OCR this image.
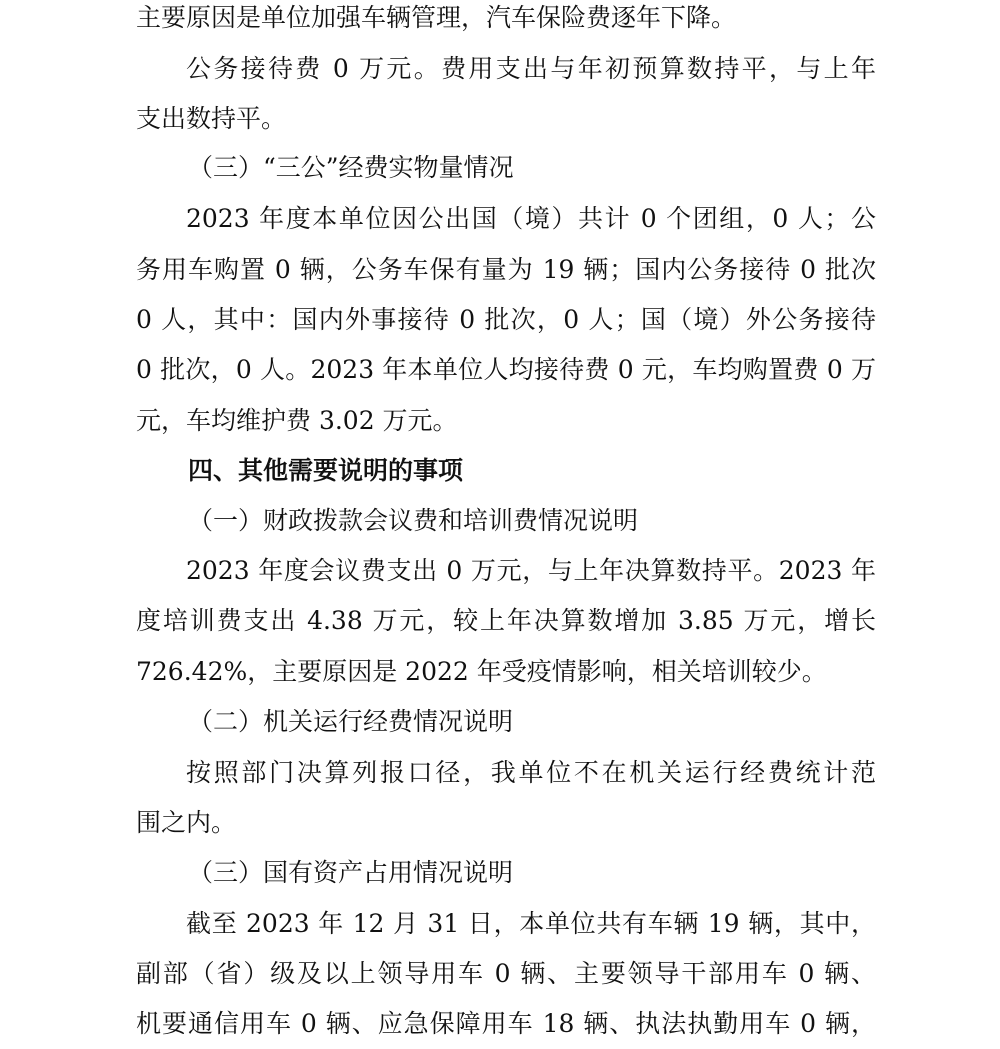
主要原因是单位加强车辆管理，汽车保险费逐年下降。
公务接待费 0 万元。费用支出与年初预算数持平，与上年
支出数持平。
（三）“三公”经费实物量情况
2023 年度本单位因公出国（境）共计 0 个团组，0 人；公
务用车购置 0 辆，公务车保有量为 19 辆；国内公务接待 0 批次
0 人，其中：国内外事接待 0 批次，0 人；国（境）外公务接待
0 批次，0 人。2023 年本单位人均接待费 0 元，车均购置费 0 万
元，车均维护费 3.02 万元。
四、其他需要说明的事项
（一）财政拨款会议费和培训费情况说明
2023 年度会议费支出 0 万元，与上年决算数持平。2023 年
度培训费支出 4.38 万元，较上年决算数增加 3.85 万元，增长
726.42%，主要原因是 2022 年受疫情影响，相关培训较少。
（二）机关运行经费情况说明
按照部门决算列报口径，我单位不在机关运行经费统计范
围之内。
（三）国有资产占用情况说明
截至 2023 年 12 月 31 日，本单位共有车辆 19 辆，其中，
副部（省）级及以上领导用车 0 辆、主要领导干部用车 0 辆、
机要通信用车 0 辆、应急保障用车 18 辆、执法执勤用车 0 辆，
